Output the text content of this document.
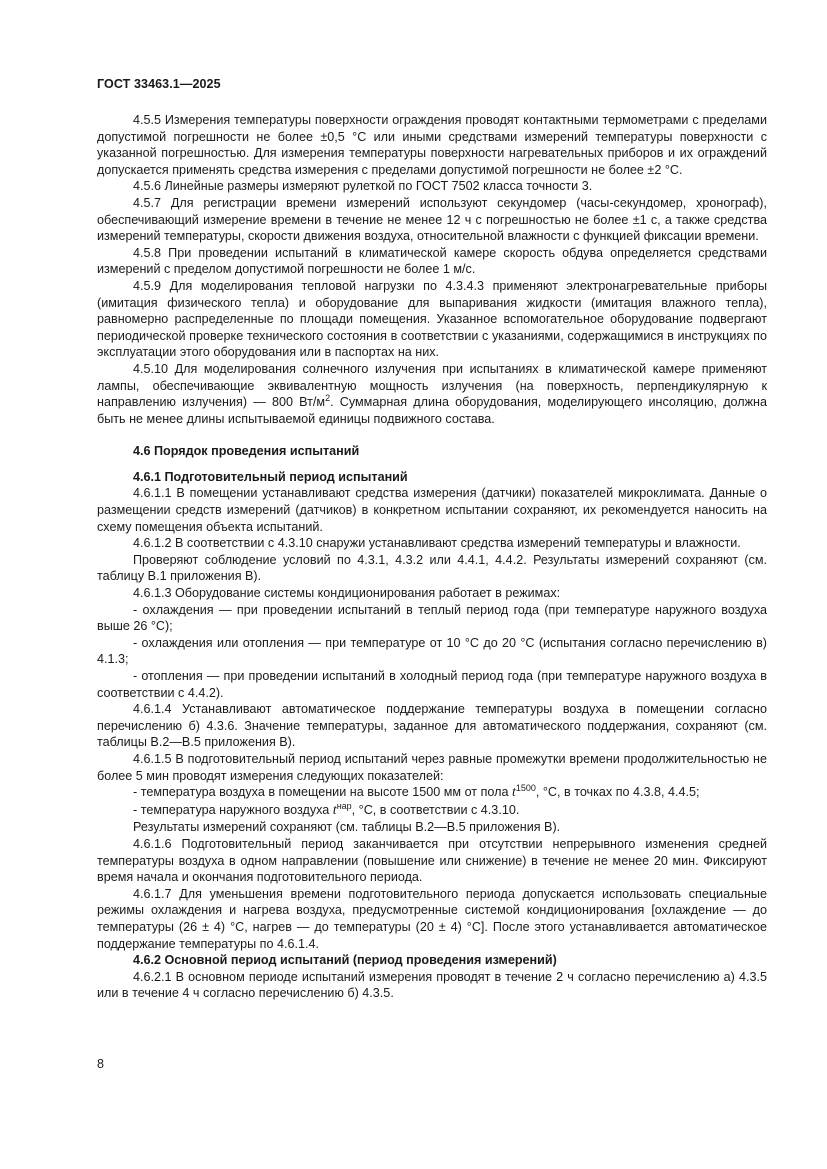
ГОСТ 33463.1—2025

4.5.5 Измерения температуры поверхности ограждения проводят контактными термометрами с пределами допустимой погрешности не более ±0,5 °С или иными средствами измерений температуры поверхности с указанной погрешностью. Для измерения температуры поверхности нагревательных приборов и их ограждений допускается применять средства измерения с пределами допустимой погрешности не более ±2 °С.

4.5.6 Линейные размеры измеряют рулеткой по ГОСТ 7502 класса точности 3.

4.5.7 Для регистрации времени измерений используют секундомер (часы-секундомер, хронограф), обеспечивающий измерение времени в течение не менее 12 ч с погрешностью не более ±1 с, а также средства измерений температуры, скорости движения воздуха, относительной влажности с функцией фиксации времени.

4.5.8 При проведении испытаний в климатической камере скорость обдува определяется средствами измерений с пределом допустимой погрешности не более 1 м/с.

4.5.9 Для моделирования тепловой нагрузки по 4.3.4.3 применяют электронагревательные приборы (имитация физического тепла) и оборудование для выпаривания жидкости (имитация влажного тепла), равномерно распределенные по площади помещения. Указанное вспомогательное оборудование подвергают периодической проверке технического состояния в соответствии с указаниями, содержащимися в инструкциях по эксплуатации этого оборудования или в паспортах на них.

4.5.10 Для моделирования солнечного излучения при испытаниях в климатической камере применяют лампы, обеспечивающие эквивалентную мощность излучения (на поверхность, перпендикулярную к направлению излучения) — 800 $Вт/м^2$. Суммарная длина оборудования, моделирующего инсоляцию, должна быть не менее длины испытываемой единицы подвижного состава.

4.6 Порядок проведения испытаний
4.6.1 Подготовительный период испытаний

4.6.1.1 В помещении устанавливают средства измерения (датчики) показателей микроклимата. Данные о размещении средств измерений (датчиков) в конкретном испытании сохраняют, их рекомендуется наносить на схему помещения объекта испытаний.

4.6.1.2 В соответствии с 4.3.10 снаружи устанавливают средства измерений температуры и влажности.

Проверяют соблюдение условий по 4.3.1, 4.3.2 или 4.4.1, 4.4.2. Результаты измерений сохраняют (см. таблицу В.1 приложения В).

4.6.1.3 Оборудование системы кондиционирования работает в режимах:

- охлаждения — при проведении испытаний в теплый период года (при температуре наружного воздуха выше 26 °С);

- охлаждения или отопления — при температуре от 10 °С до 20 °С (испытания согласно перечислению в) 4.1.3;

- отопления — при проведении испытаний в холодный период года (при температуре наружного воздуха в соответствии с 4.4.2).

4.6.1.4 Устанавливают автоматическое поддержание температуры воздуха в помещении согласно перечислению б) 4.3.6. Значение температуры, заданное для автоматического поддержания, сохраняют (см. таблицы В.2—В.5 приложения В).

4.6.1.5 В подготовительный период испытаний через равные промежутки времени продолжительностью не более 5 мин проводят измерения следующих показателей:

- температура воздуха в помещении на высоте 1500 мм от пола $t^{1500}$, °С, в точках по 4.3.8, 4.4.5;

- температура наружного воздуха $t^{нар}$, °С, в соответствии с 4.3.10.

Результаты измерений сохраняют (см. таблицы В.2—В.5 приложения В).

4.6.1.6 Подготовительный период заканчивается при отсутствии непрерывного изменения средней температуры воздуха в одном направлении (повышение или снижение) в течение не менее 20 мин. Фиксируют время начала и окончания подготовительного периода.

4.6.1.7 Для уменьшения времени подготовительного периода допускается использовать специальные режимы охлаждения и нагрева воздуха, предусмотренные системой кондиционирования [охлаждение — до температуры (26 ± 4) °С, нагрев — до температуры (20 ± 4) °С]. После этого устанавливается автоматическое поддержание температуры по 4.6.1.4.

4.6.2 Основной период испытаний (период проведения измерений)

4.6.2.1 В основном периоде испытаний измерения проводят в течение 2 ч согласно перечислению а) 4.3.5 или в течение 4 ч согласно перечислению б) 4.3.5.

8
